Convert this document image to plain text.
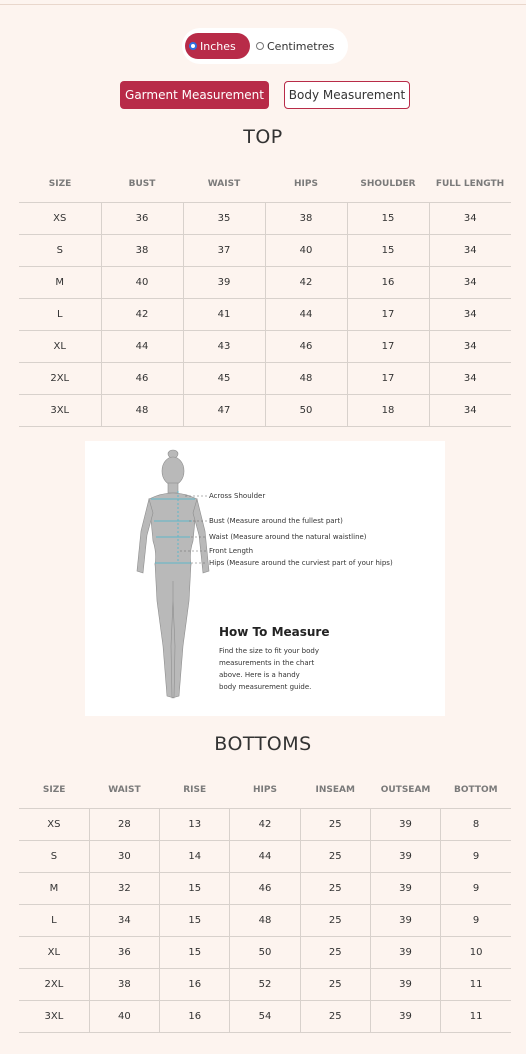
Inches	Centimetres
Garment Measurement	Body Measurement
TOP
SIZE	BUST	WAIST	HIPS	SHOULDER	FULL LENGTH
XS	36	35	38	15	34
S	38	37	40	15	34
M	40	39	42	16	34
L	42	41	44	17	34
XL	44	43	46	17	34
2XL	46	45	48	17	34
3XL	48	47	50	18	34
Across Shoulder
Bust (Measure around the fullest part)
Waist (Measure around the natural waistline)
Front Length
Hips (Measure around the curviest part of your hips)
How To Measure
Find the size to fit your body
measurements in the chart
above. Here is a handy
body measurement guide.
BOTTOMS
SIZE	WAIST	RISE	HIPS	INSEAM	OUTSEAM	BOTTOM
XS	28	13	42	25	39	8
S	30	14	44	25	39	9
M	32	15	46	25	39	9
L	34	15	48	25	39	9
XL	36	15	50	25	39	10
2XL	38	16	52	25	39	11
3XL	40	16	54	25	39	11
